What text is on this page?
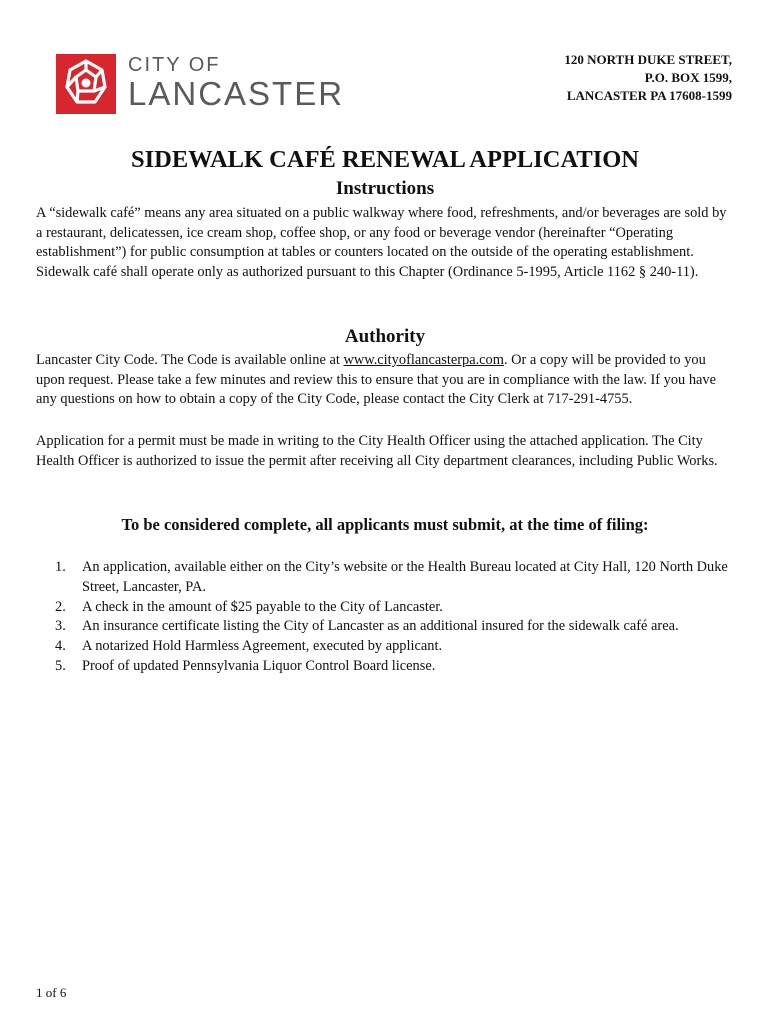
CITY OF
LANCASTER
120 NORTH DUKE STREET,
P.O. BOX 1599,
LANCASTER PA 17608-1599
SIDEWALK CAFÉ RENEWAL APPLICATION
Instructions

A “sidewalk café” means any area situated on a public walkway where food, refreshments, and/or beverages are sold by a restaurant, delicatessen, ice cream shop, coffee shop, or any food or beverage vendor (hereinafter “Operating establishment”) for public consumption at tables or counters located on the outside of the operating establishment. Sidewalk café shall operate only as authorized pursuant to this Chapter (Ordinance 5-1995, Article 1162 § 240-11).

Authority

Lancaster City Code. The Code is available online at www.cityoflancasterpa.com. Or a copy will be provided to you upon request. Please take a few minutes and review this to ensure that you are in compliance with the law. If you have any questions on how to obtain a copy of the City Code, please contact the City Clerk at 717-291-4755.

Application for a permit must be made in writing to the City Health Officer using the attached application. The City Health Officer is authorized to issue the permit after receiving all City department clearances, including Public Works.

To be considered complete, all applicants must submit, at the time of filing:
1. An application, available either on the City’s website or the Health Bureau located at City Hall, 120 North Duke Street, Lancaster, PA.
2. A check in the amount of $25 payable to the City of Lancaster.
3. An insurance certificate listing the City of Lancaster as an additional insured for the sidewalk café area.
4. A notarized Hold Harmless Agreement, executed by applicant.
5. Proof of updated Pennsylvania Liquor Control Board license.
1 of 6
